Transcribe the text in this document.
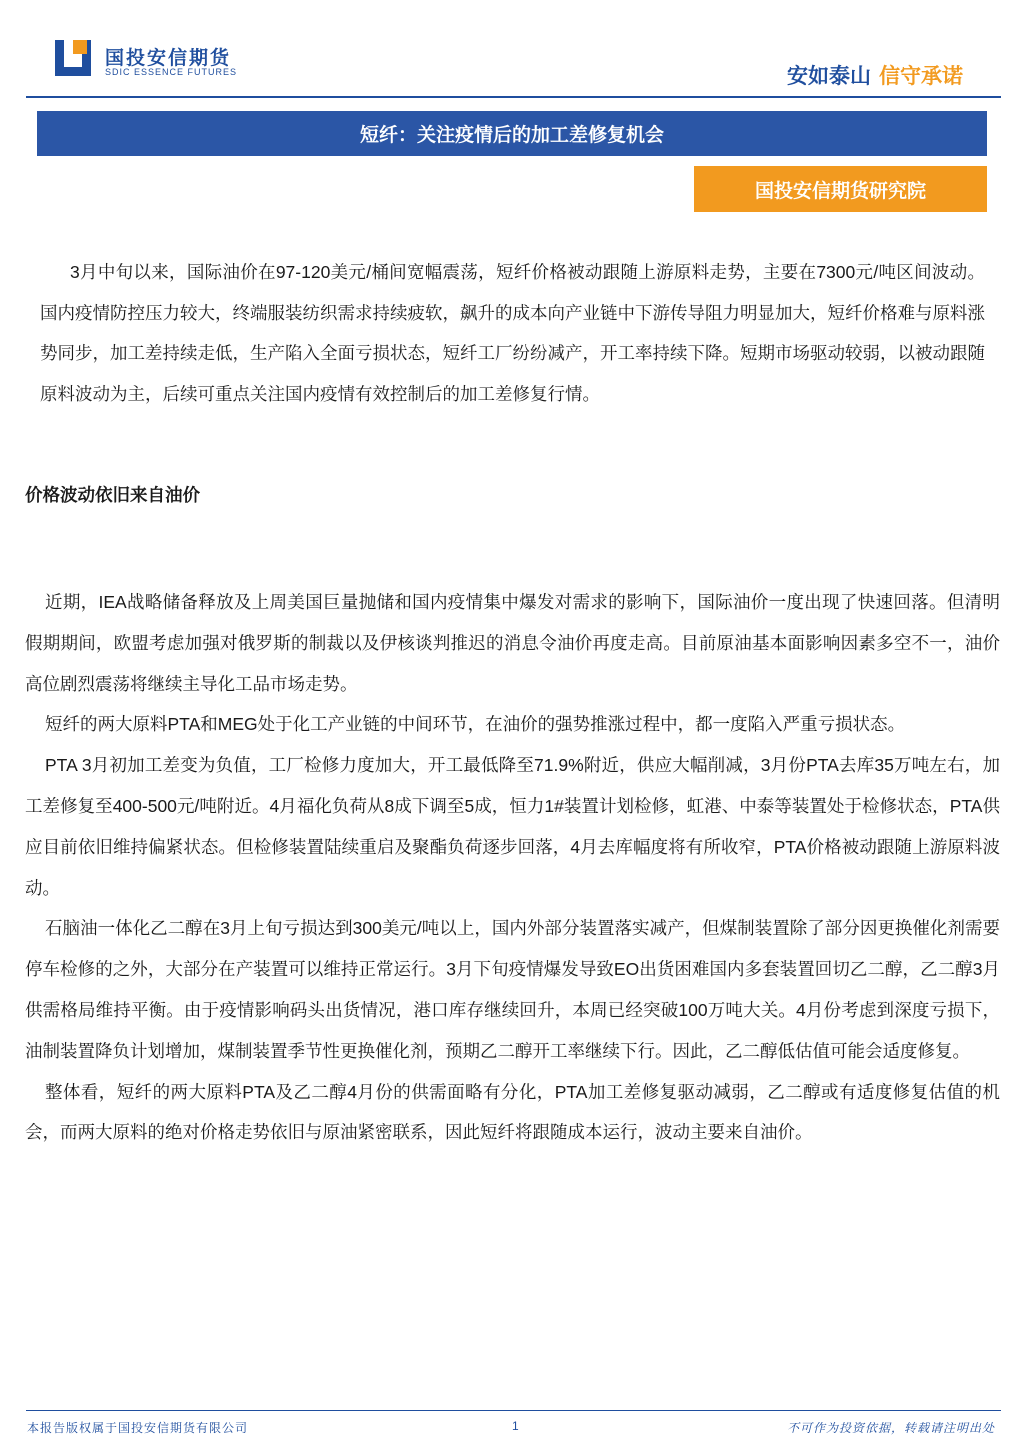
国投安信期货
SDIC ESSENCE FUTURES	安如泰山 信守承诺
短纤：关注疫情后的加工差修复机会
国投安信期货研究院

3月中旬以来，国际油价在97-120美元/桶间宽幅震荡，短纤价格被动跟随上游原料走势，主要在7300元/吨区间波动。国内疫情防控压力较大，终端服装纺织需求持续疲软，飙升的成本向产业链中下游传导阻力明显加大，短纤价格难与原料涨势同步，加工差持续走低，生产陷入全面亏损状态，短纤工厂纷纷减产，开工率持续下降。短期市场驱动较弱，以被动跟随原料波动为主，后续可重点关注国内疫情有效控制后的加工差修复行情。

价格波动依旧来自油价

近期，IEA战略储备释放及上周美国巨量抛储和国内疫情集中爆发对需求的影响下，国际油价一度出现了快速回落。但清明假期期间，欧盟考虑加强对俄罗斯的制裁以及伊核谈判推迟的消息令油价再度走高。目前原油基本面影响因素多空不一，油价高位剧烈震荡将继续主导化工品市场走势。

短纤的两大原料PTA和MEG处于化工产业链的中间环节，在油价的强势推涨过程中，都一度陷入严重亏损状态。

PTA 3月初加工差变为负值，工厂检修力度加大，开工最低降至71.9%附近，供应大幅削减，3月份PTA去库35万吨左右，加工差修复至400-500元/吨附近。4月福化负荷从8成下调至5成，恒力1#装置计划检修，虹港、中泰等装置处于检修状态，PTA供应目前依旧维持偏紧状态。但检修装置陆续重启及聚酯负荷逐步回落，4月去库幅度将有所收窄，PTA价格被动跟随上游原料波动。

石脑油一体化乙二醇在3月上旬亏损达到300美元/吨以上，国内外部分装置落实减产，但煤制装置除了部分因更换催化剂需要停车检修的之外，大部分在产装置可以维持正常运行。3月下旬疫情爆发导致EO出货困难国内多套装置回切乙二醇，乙二醇3月供需格局维持平衡。由于疫情影响码头出货情况，港口库存继续回升，本周已经突破100万吨大关。4月份考虑到深度亏损下，油制装置降负计划增加，煤制装置季节性更换催化剂，预期乙二醇开工率继续下行。因此，乙二醇低估值可能会适度修复。

整体看，短纤的两大原料PTA及乙二醇4月份的供需面略有分化，PTA加工差修复驱动减弱，乙二醇或有适度修复估值的机会，而两大原料的绝对价格走势依旧与原油紧密联系，因此短纤将跟随成本运行，波动主要来自油价。

本报告版权属于国投安信期货有限公司	1	不可作为投资依据，转载请注明出处
